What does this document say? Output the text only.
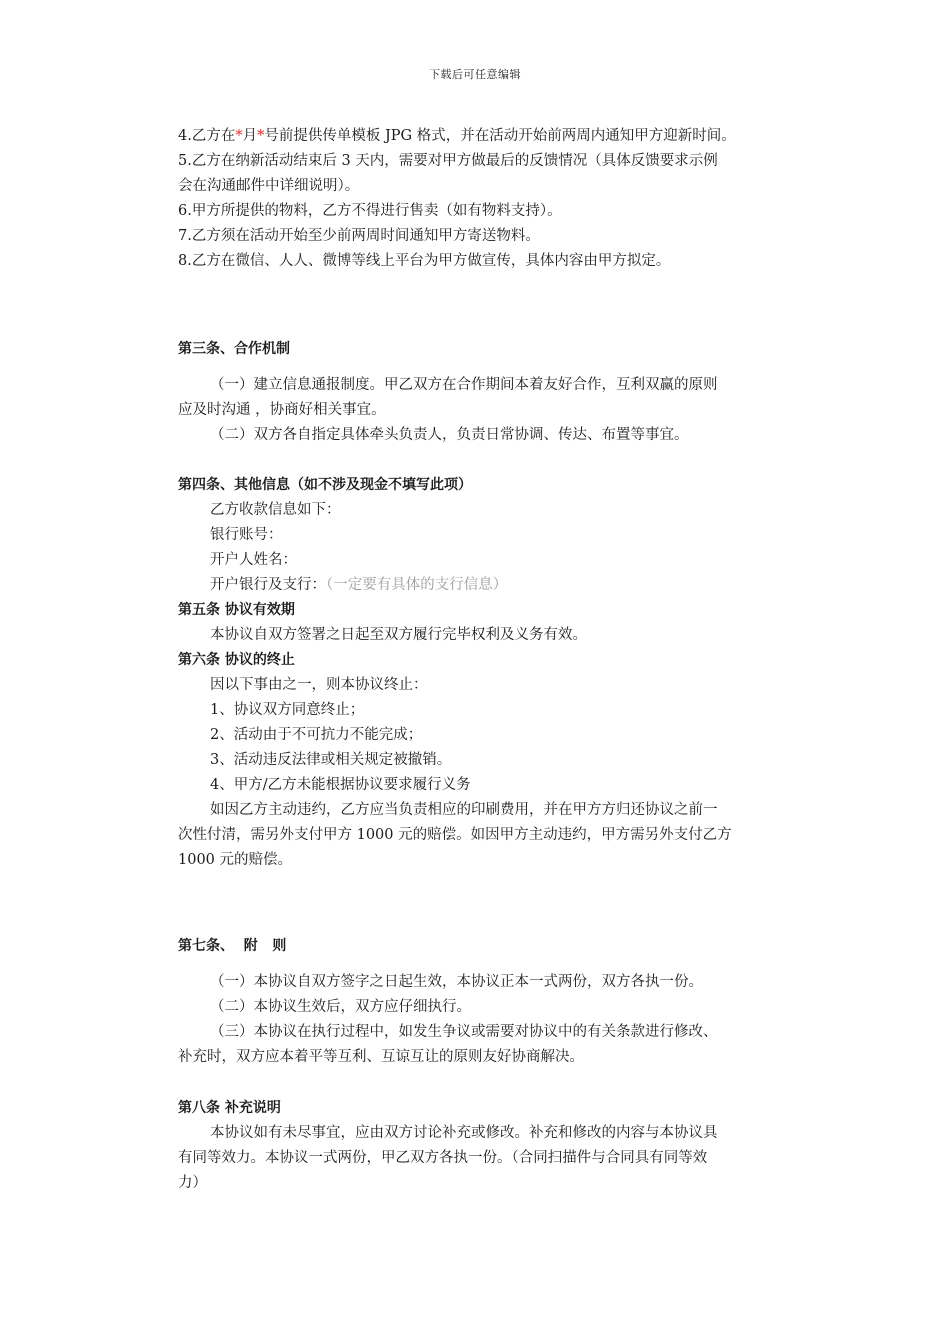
下载后可任意编辑
4.乙方在*月*号前提供传单模板 JPG 格式，并在活动开始前两周内通知甲方迎新时间。
5.乙方在纳新活动结束后 3 天内，需要对甲方做最后的反馈情况（具体反馈要求示例
会在沟通邮件中详细说明）。
6.甲方所提供的物料，乙方不得进行售卖（如有物料支持）。
7.乙方须在活动开始至少前两周时间通知甲方寄送物料。
8.乙方在微信、人人、微博等线上平台为甲方做宣传，具体内容由甲方拟定。
第三条、合作机制
（一）建立信息通报制度。甲乙双方在合作期间本着友好合作，互利双赢的原则
应及时沟通 ，协商好相关事宜。
（二）双方各自指定具体牵头负责人，负责日常协调、传达、布置等事宜。
第四条、其他信息（如不涉及现金不填写此项）
乙方收款信息如下：
银行账号：
开户人姓名：
开户银行及支行：（一定要有具体的支行信息）
第五条 协议有效期
本协议自双方签署之日起至双方履行完毕权利及义务有效。
第六条 协议的终止
因以下事由之一，则本协议终止：
1、协议双方同意终止；
2、活动由于不可抗力不能完成；
3、活动违反法律或相关规定被撤销。
4、甲方/乙方未能根据协议要求履行义务
如因乙方主动违约，乙方应当负责相应的印刷费用，并在甲方方归还协议之前一
次性付清，需另外支付甲方 1000 元的赔偿。如因甲方主动违约，甲方需另外支付乙方
1000 元的赔偿。
第七条、  附   则
（一）本协议自双方签字之日起生效，本协议正本一式两份，双方各执一份。
（二）本协议生效后，双方应仔细执行。
（三）本协议在执行过程中，如发生争议或需要对协议中的有关条款进行修改、
补充时，双方应本着平等互利、互谅互让的原则友好协商解决。
第八条 补充说明
本协议如有未尽事宜，应由双方讨论补充或修改。补充和修改的内容与本协议具
有同等效力。本协议一式两份，甲乙双方各执一份。（合同扫描件与合同具有同等效
力）
